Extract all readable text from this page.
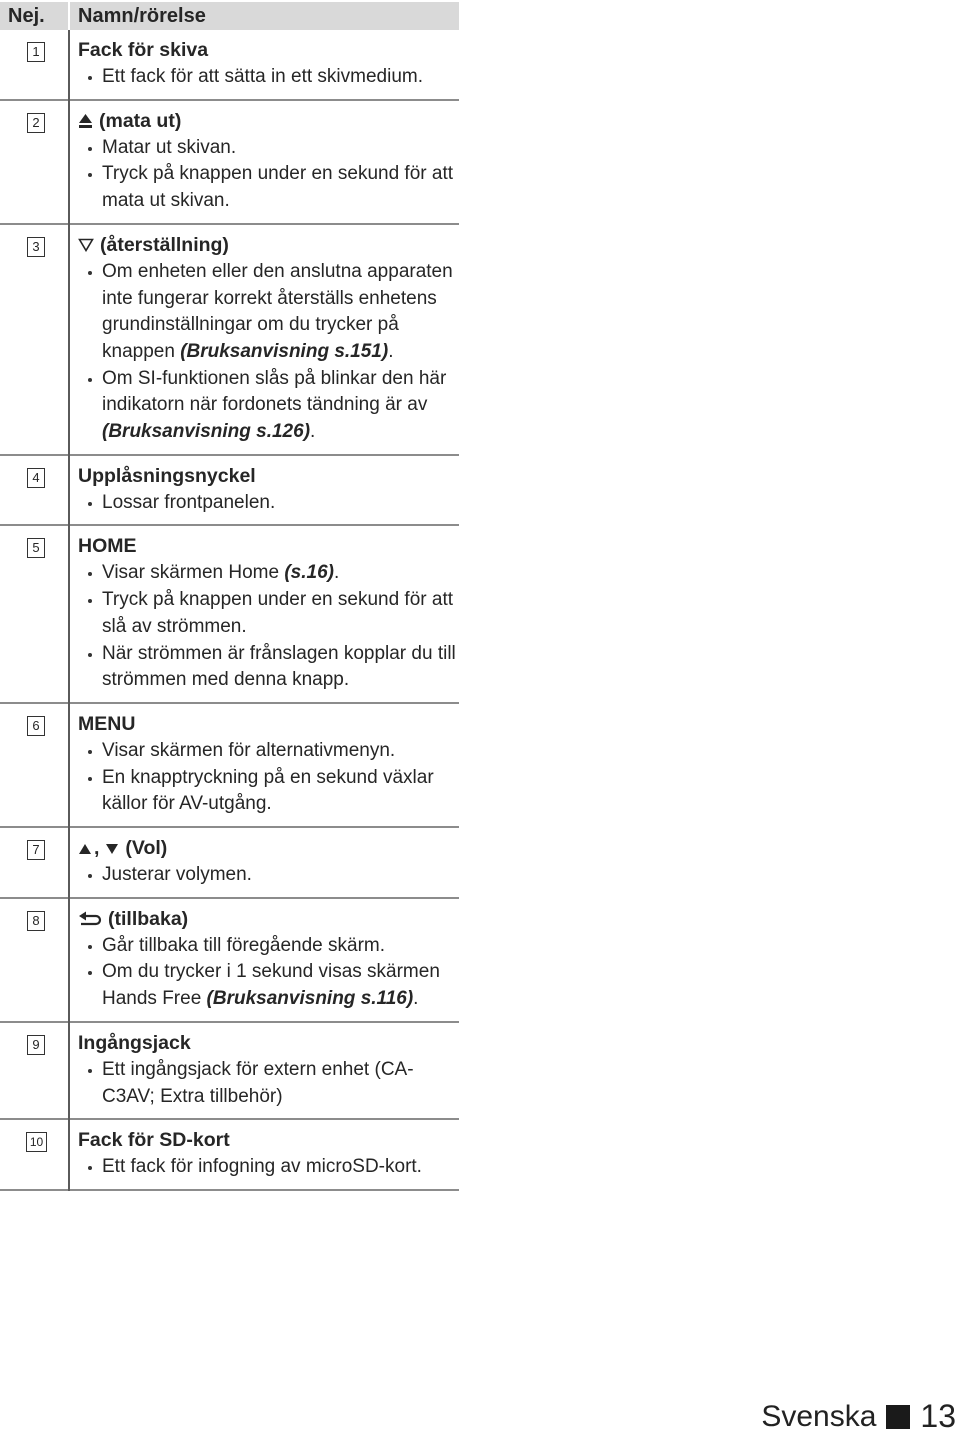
Nej. Namn/rörelse
1 Fack för skiva
Ett fack för att sätta in ett skivmedium.
2	(mata ut)
Matar ut skivan.
Tryck på knappen under en sekund för att mata ut skivan.
3	(återställning)
Om enheten eller den anslutna apparaten inte fungerar korrekt återställs enhetens grundinställningar om du trycker på knappen (Bruksanvisning s.151).
Om SI-funktionen slås på blinkar den här indikatorn när fordonets tändning är av (Bruksanvisning s.126).
4 Upplåsningsnyckel
Lossar frontpanelen.
5 HOME
Visar skärmen Home (s.16).
Tryck på knappen under en sekund för att slå av strömmen.
När strömmen är frånslagen kopplar du till strömmen med denna knapp.
6 MENU
Visar skärmen för alternativmenyn.
En knapptryckning på en sekund växlar källor för AV-utgång.
7	, (Vol)
Justerar volymen.
8	(tillbaka)
Går tillbaka till föregående skärm.
Om du trycker i 1 sekund visas skärmen Hands Free (Bruksanvisning s.116).
9 Ingångsjack
Ett ingångsjack för extern enhet (CA-C3AV; Extra tillbehör)
10 Fack för SD-kort
Ett fack för infogning av microSD-kort.
Svenska 13
